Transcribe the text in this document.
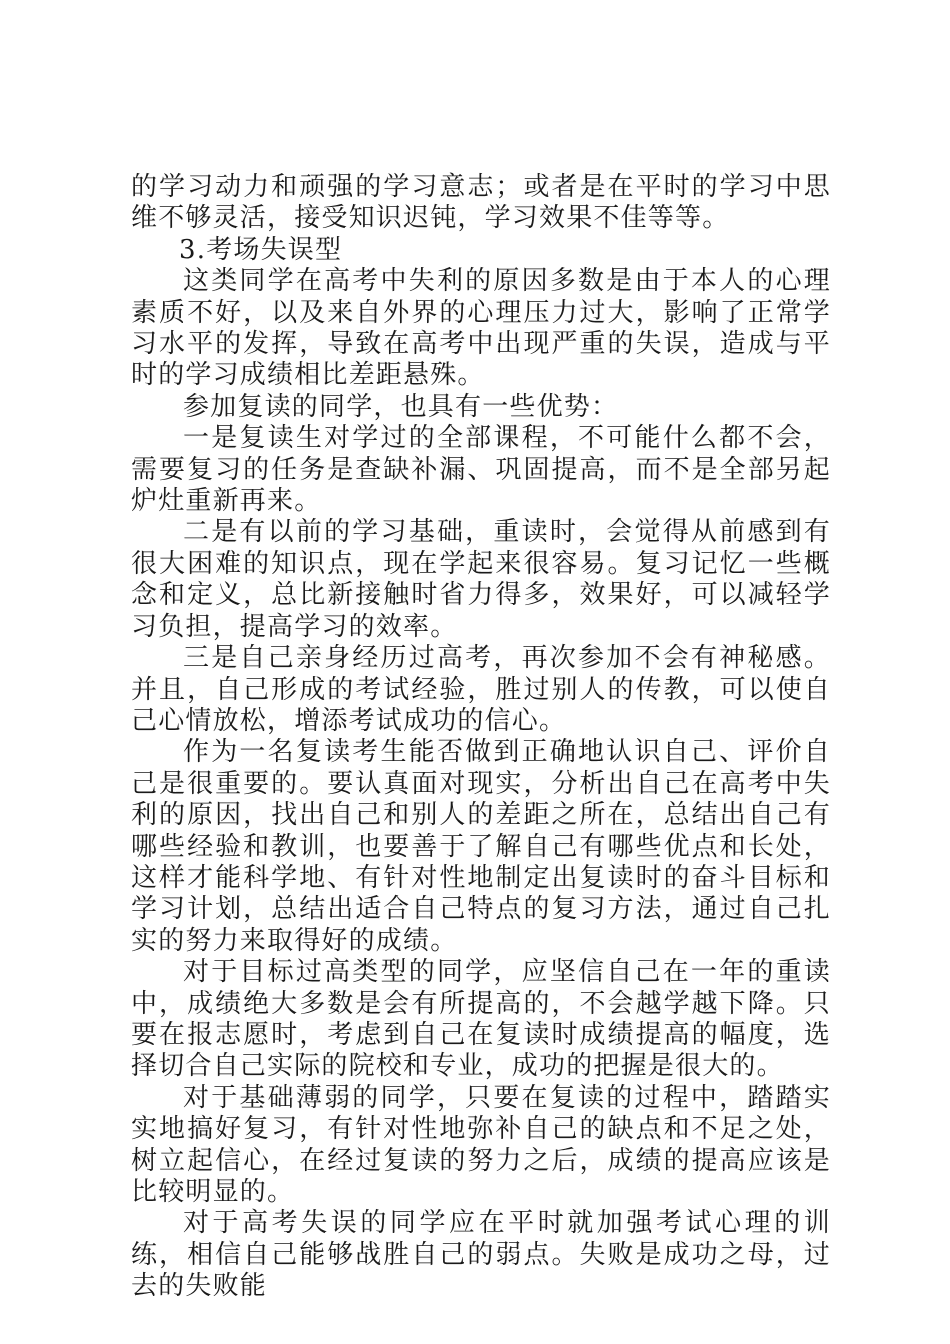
的学习动力和顽强的学习意志；或者是在平时的学习中思维不够灵活，接受知识迟钝，学习效果不佳等等。

3.考场失误型

这类同学在高考中失利的原因多数是由于本人的心理素质不好，以及来自外界的心理压力过大，影响了正常学习水平的发挥，导致在高考中出现严重的失误，造成与平时的学习成绩相比差距悬殊。

参加复读的同学，也具有一些优势：

一是复读生对学过的全部课程，不可能什么都不会，需要复习的任务是查缺补漏、巩固提高，而不是全部另起炉灶重新再来。

二是有以前的学习基础，重读时，会觉得从前感到有很大困难的知识点，现在学起来很容易。复习记忆一些概念和定义，总比新接触时省力得多，效果好，可以减轻学习负担，提高学习的效率。

三是自己亲身经历过高考，再次参加不会有神秘感。并且，自己形成的考试经验，胜过别人的传教，可以使自己心情放松，增添考试成功的信心。

作为一名复读考生能否做到正确地认识自己、评价自己是很重要的。要认真面对现实，分析出自己在高考中失利的原因，找出自己和别人的差距之所在，总结出自己有哪些经验和教训，也要善于了解自己有哪些优点和长处，这样才能科学地、有针对性地制定出复读时的奋斗目标和学习计划，总结出适合自己特点的复习方法，通过自己扎实的努力来取得好的成绩。

对于目标过高类型的同学，应坚信自己在一年的重读中，成绩绝大多数是会有所提高的，不会越学越下降。只要在报志愿时，考虑到自己在复读时成绩提高的幅度，选择切合自己实际的院校和专业，成功的把握是很大的。

对于基础薄弱的同学，只要在复读的过程中，踏踏实实地搞好复习，有针对性地弥补自己的缺点和不足之处，树立起信心，在经过复读的努力之后，成绩的提高应该是比较明显的。

对于高考失误的同学应在平时就加强考试心理的训练，相信自己能够战胜自己的弱点。失败是成功之母，过去的失败能
